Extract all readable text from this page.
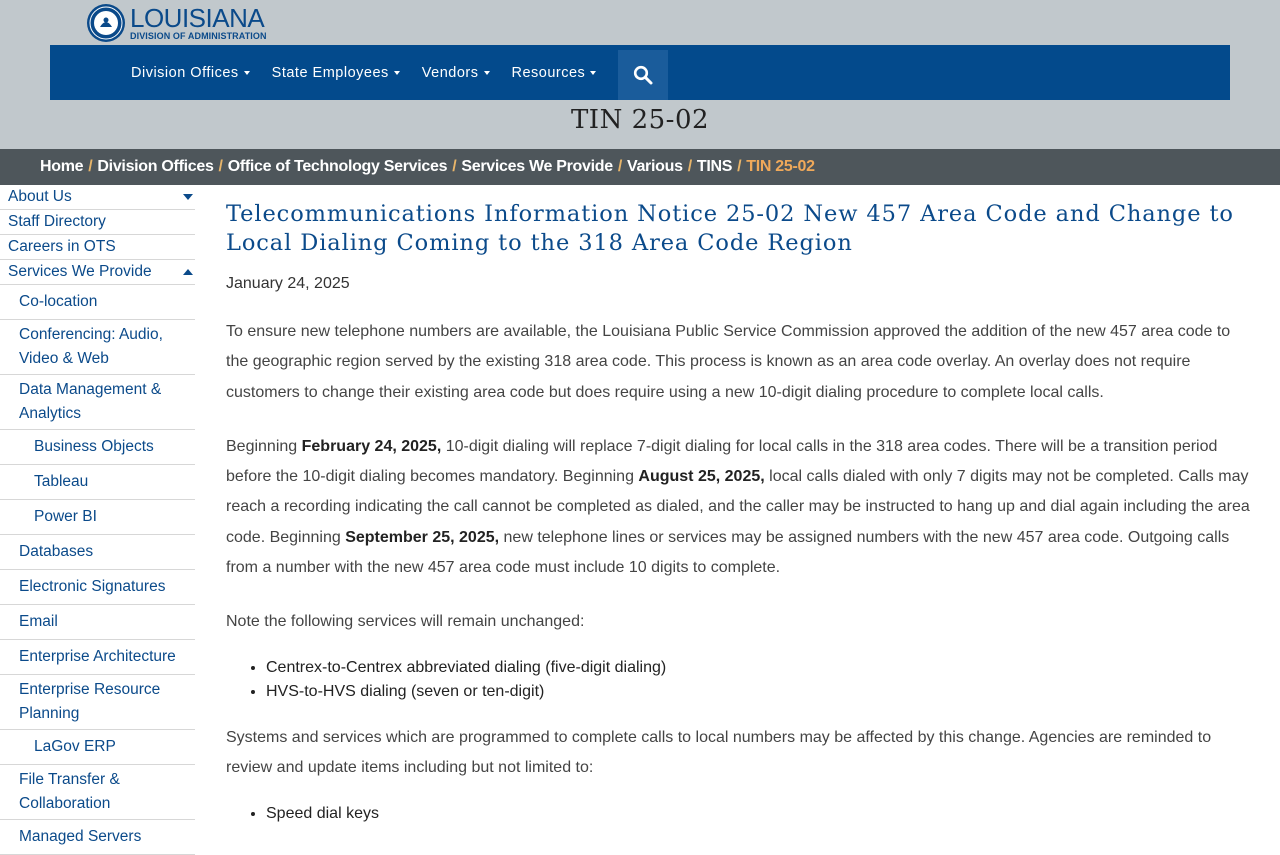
LOUISIANA
DIVISION OF ADMINISTRATION
Division Offices State Employees Vendors Resources
TIN 25-02
Home / Division Offices / Office of Technology Services / Services We Provide / Various / TINS / TIN 25-02
About Us
Staff Directory
Careers in OTS
Services We Provide
Co-location
Conferencing: Audio, Video & Web
Data Management & Analytics
Business Objects
Tableau
Power BI
Databases
Electronic Signatures
Email
Enterprise Architecture
Enterprise Resource Planning
LaGov ERP
File Transfer & Collaboration
Managed Servers
Telecommunications Information Notice 25-02 New 457 Area Code and Change to Local Dialing Coming to the 318 Area Code Region
January 24, 2025

To ensure new telephone numbers are available, the Louisiana Public Service Commission approved the addition of the new 457 area code to the geographic region served by the existing 318 area code. This process is known as an area code overlay. An overlay does not require customers to change their existing area code but does require using a new 10-digit dialing procedure to complete local calls.

Beginning February 24, 2025, 10-digit dialing will replace 7-digit dialing for local calls in the 318 area codes. There will be a transition period before the 10-digit dialing becomes mandatory. Beginning August 25, 2025, local calls dialed with only 7 digits may not be completed. Calls may reach a recording indicating the call cannot be completed as dialed, and the caller may be instructed to hang up and dial again including the area code. Beginning September 25, 2025, new telephone lines or services may be assigned numbers with the new 457 area code. Outgoing calls from a number with the new 457 area code must include 10 digits to complete.

Note the following services will remain unchanged:

• Centrex-to-Centrex abbreviated dialing (five-digit dialing)
• HVS-to-HVS dialing (seven or ten-digit)

Systems and services which are programmed to complete calls to local numbers may be affected by this change. Agencies are reminded to review and update items including but not limited to:

• Speed dial keys
